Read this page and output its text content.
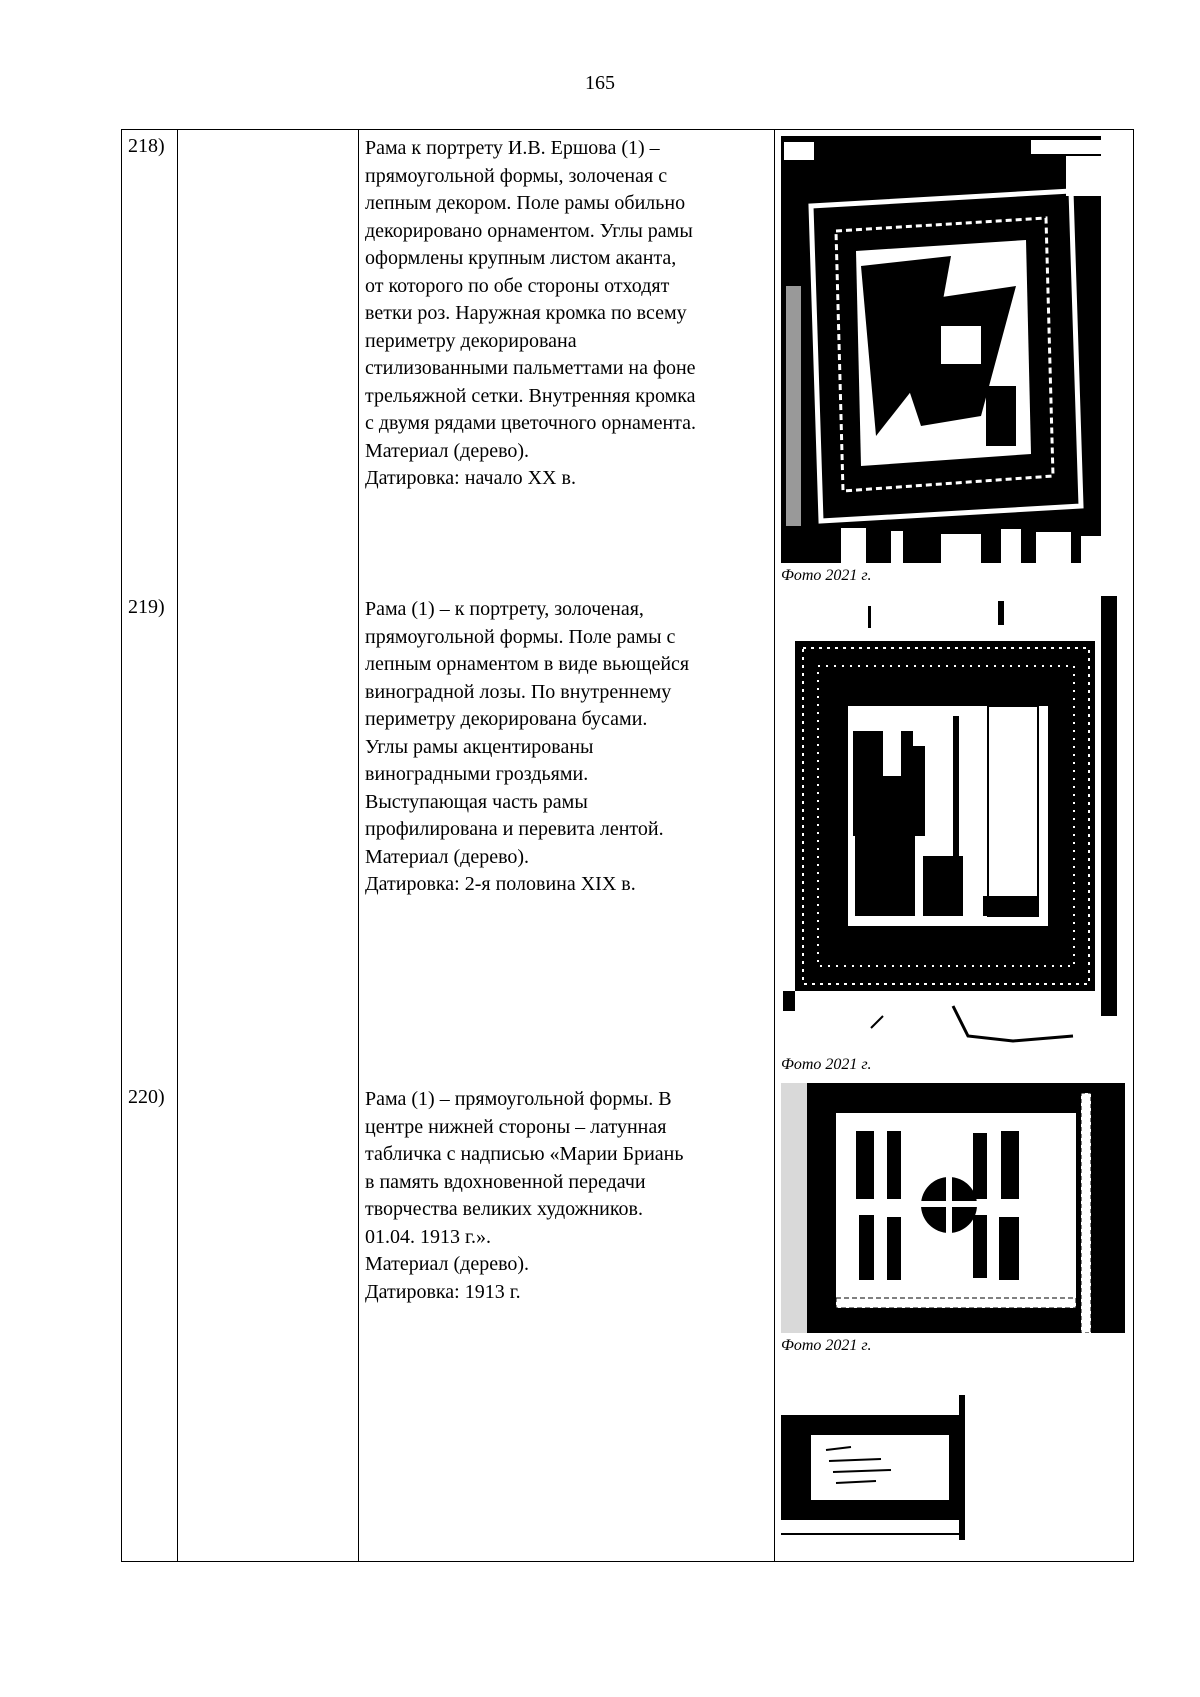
165
218)	Рама к портрету И.В. Ершова (1) –
прямоугольной формы, золоченая с
лепным декором. Поле рамы обильно
декорировано орнаментом. Углы рамы
оформлены крупным листом аканта,
от которого по обе стороны отходят
ветки роз. Наружная кромка по всему
периметру декорирована
стилизованными пальметтами на фоне
трельяжной сетки. Внутренняя кромка
с двумя рядами цветочного орнамента.
Материал (дерево).
Датировка: начало XX в.
Фото 2021 г.
219)	Рама (1) – к портрету, золоченая,
прямоугольной формы. Поле рамы с
лепным орнаментом в виде вьющейся
виноградной лозы. По внутреннему
периметру декорирована бусами.
Углы рамы акцентированы
виноградными гроздьями.
Выступающая часть рамы
профилирована и перевита лентой.
Материал (дерево).
Датировка: 2-я половина XIX в.
Фото 2021 г.
220)	Рама (1) – прямоугольной формы. В
центре нижней стороны – латунная
табличка с надписью «Марии Бриань
в память вдохновенной передачи
творчества великих художников.
01.04. 1913 г.».
Материал (дерево).
Датировка: 1913 г.
Фото 2021 г.
